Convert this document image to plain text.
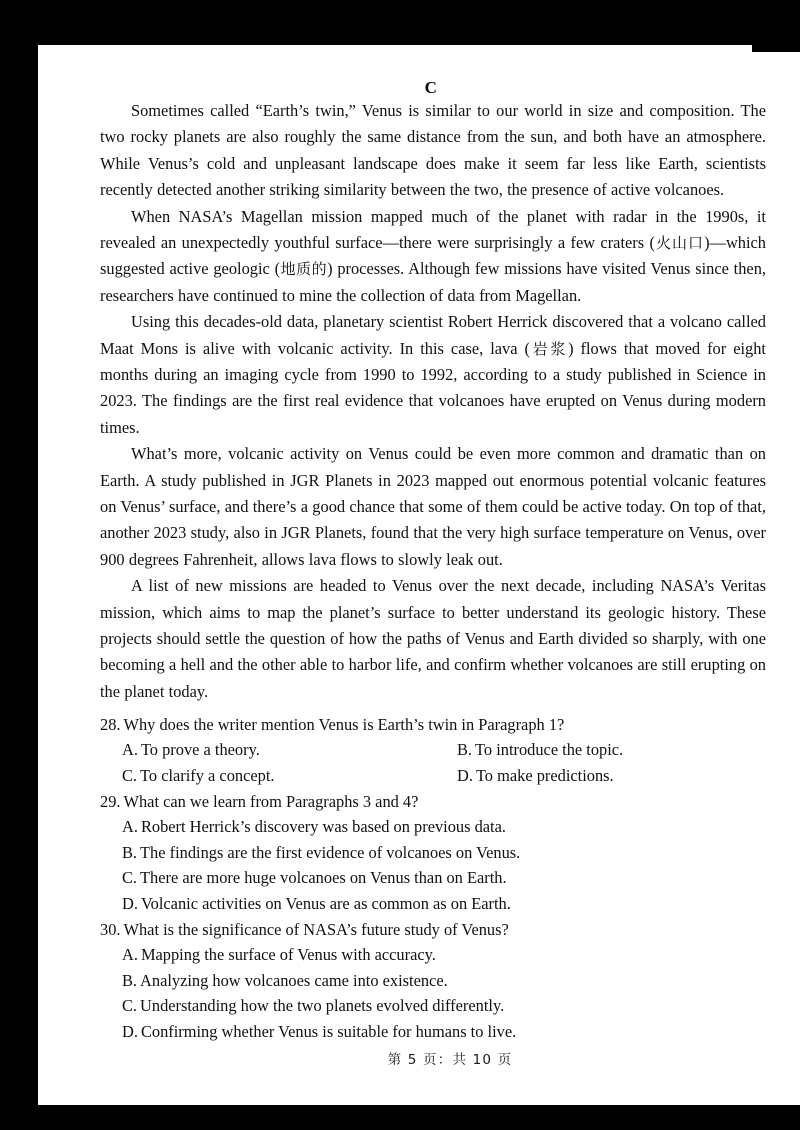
C

Sometimes called “Earth’s twin,” Venus is similar to our world in size and composition. The two rocky planets are also roughly the same distance from the sun, and both have an atmosphere. While Venus’s cold and unpleasant landscape does make it seem far less like Earth, scientists recently detected another striking similarity between the two, the presence of active volcanoes.

When NASA’s Magellan mission mapped much of the planet with radar in the 1990s, it revealed an unexpectedly youthful surface—there were surprisingly a few craters (火山口)—which suggested active geologic (地质的) processes. Although few missions have visited Venus since then, researchers have continued to mine the collection of data from Magellan.

Using this decades-old data, planetary scientist Robert Herrick discovered that a volcano called Maat Mons is alive with volcanic activity. In this case, lava (岩浆) flows that moved for eight months during an imaging cycle from 1990 to 1992, according to a study published in Science in 2023. The findings are the first real evidence that volcanoes have erupted on Venus during modern times.

What’s more, volcanic activity on Venus could be even more common and dramatic than on Earth. A study published in JGR Planets in 2023 mapped out enormous potential volcanic features on Venus’ surface, and there’s a good chance that some of them could be active today. On top of that, another 2023 study, also in JGR Planets, found that the very high surface temperature on Venus, over 900 degrees Fahrenheit, allows lava flows to slowly leak out.

A list of new missions are headed to Venus over the next decade, including NASA’s Veritas mission, which aims to map the planet’s surface to better understand its geologic history. These projects should settle the question of how the paths of Venus and Earth divided so sharply, with one becoming a hell and the other able to harbor life, and confirm whether volcanoes are still erupting on the planet today.

28. Why does the writer mention Venus is Earth’s twin in Paragraph 1?
A. To prove a theory.	B. To introduce the topic.
C. To clarify a concept.	D. To make predictions.
29. What can we learn from Paragraphs 3 and 4?
A. Robert Herrick’s discovery was based on previous data.
B. The findings are the first evidence of volcanoes on Venus.
C. There are more huge volcanoes on Venus than on Earth.
D. Volcanic activities on Venus are as common as on Earth.
30. What is the significance of NASA’s future study of Venus?
A. Mapping the surface of Venus with accuracy.
B. Analyzing how volcanoes came into existence.
C. Understanding how the two planets evolved differently.
D. Confirming whether Venus is suitable for humans to live.
第 5 页：共 10 页
